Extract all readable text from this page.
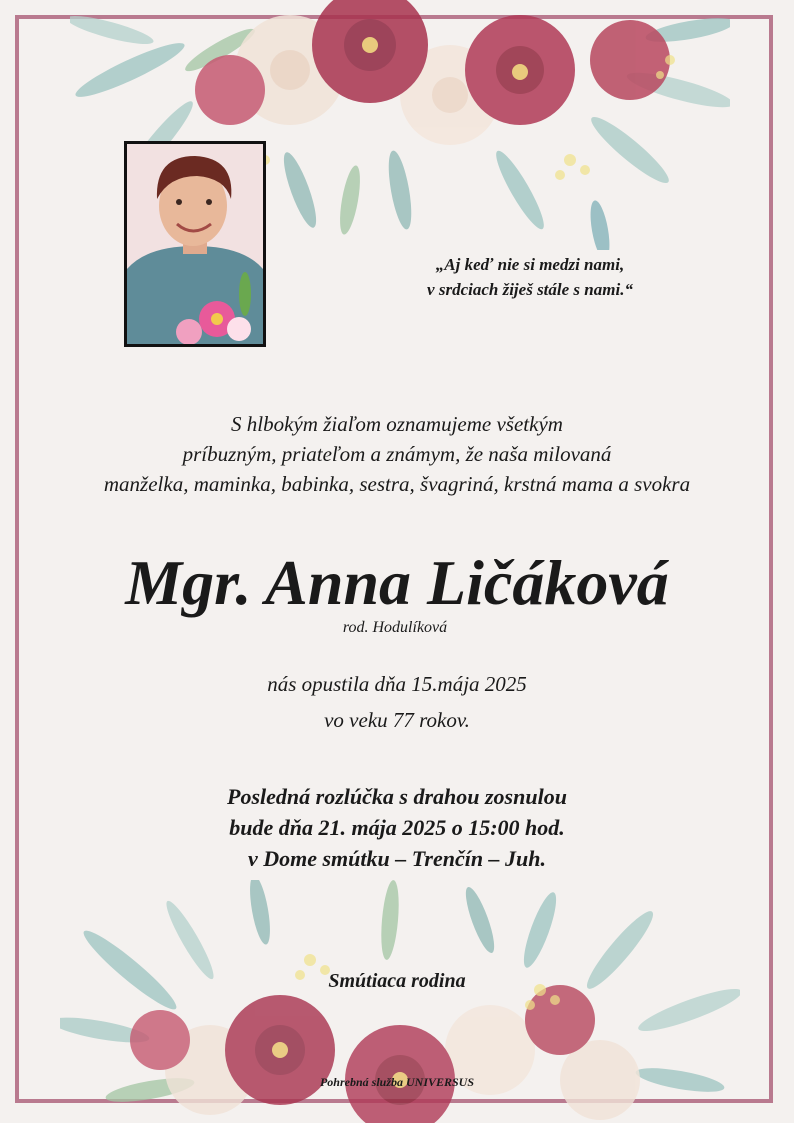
„Aj keď nie si medzi nami,
v srdciach žiješ stále s nami.“
S hlbokým žiaľom oznamujeme všetkým
príbuzným, priateľom a známym, že naša milovaná
manželka, maminka, babinka, sestra, švagriná, krstná mama a svokra
Mgr. Anna Ličáková
rod. Hodulíková
nás opustila dňa 15.mája 2025
vo veku 77 rokov.
Posledná rozlúčka s drahou zosnulou
bude dňa 21. mája 2025 o 15:00 hod.
v Dome smútku – Trenčín – Juh.
Smútiaca rodina
Pohrebná služba UNIVERSUS
